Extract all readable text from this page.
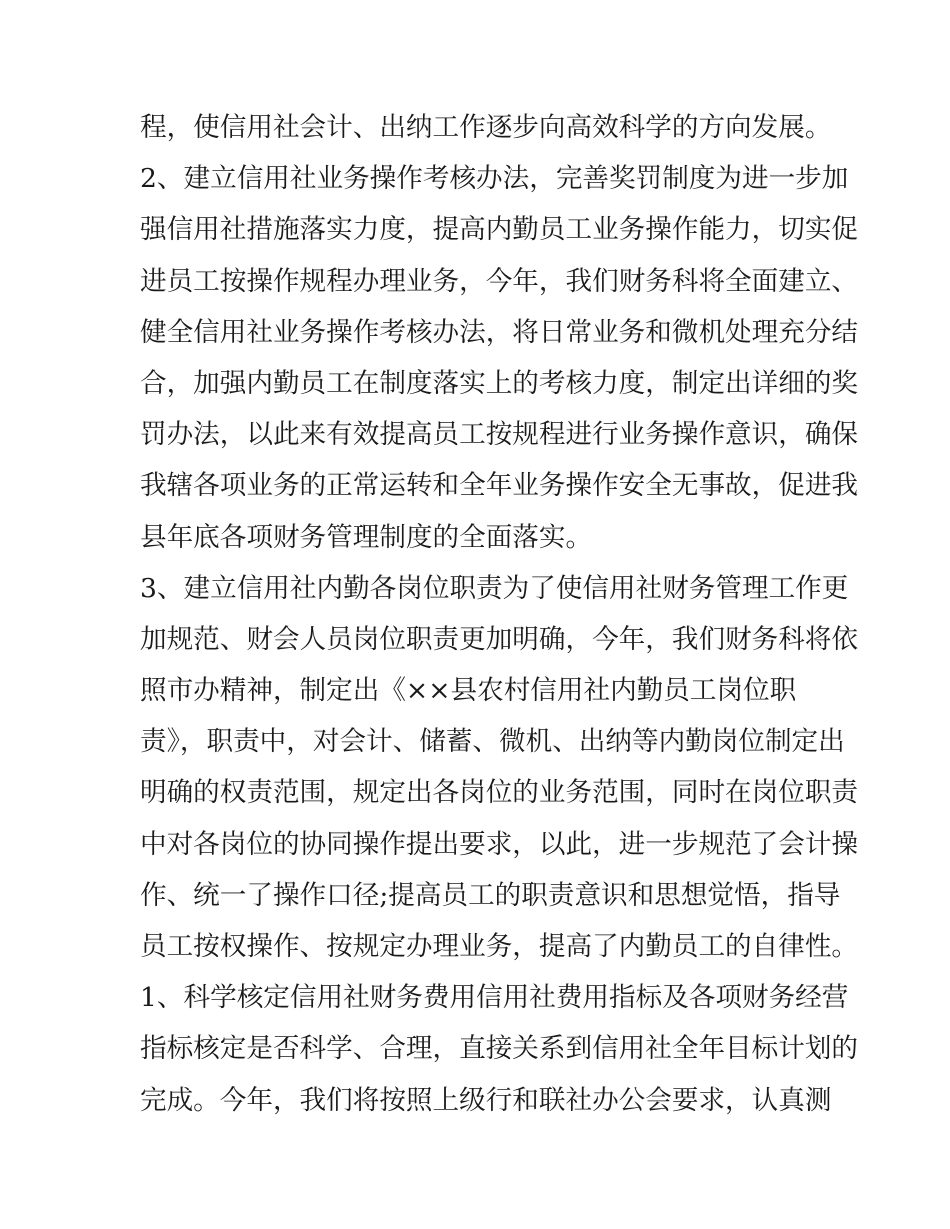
程，使信用社会计、出纳工作逐步向高效科学的方向发展。
2、建立信用社业务操作考核办法，完善奖罚制度为进一步加
强信用社措施落实力度，提高内勤员工业务操作能力，切实促
进员工按操作规程办理业务，今年，我们财务科将全面建立、
健全信用社业务操作考核办法，将日常业务和微机处理充分结
合，加强内勤员工在制度落实上的考核力度，制定出详细的奖
罚办法，以此来有效提高员工按规程进行业务操作意识，确保
我辖各项业务的正常运转和全年业务操作安全无事故，促进我
县年底各项财务管理制度的全面落实。
3、建立信用社内勤各岗位职责为了使信用社财务管理工作更
加规范、财会人员岗位职责更加明确，今年，我们财务科将依
照市办精神，制定出《××县农村信用社内勤员工岗位职
责》，职责中，对会计、储蓄、微机、出纳等内勤岗位制定出
明确的权责范围，规定出各岗位的业务范围，同时在岗位职责
中对各岗位的协同操作提出要求，以此，进一步规范了会计操
作、统一了操作口径;提高员工的职责意识和思想觉悟，指导
员工按权操作、按规定办理业务，提高了内勤员工的自律性。
1、科学核定信用社财务费用信用社费用指标及各项财务经营
指标核定是否科学、合理，直接关系到信用社全年目标计划的
完成。今年，我们将按照上级行和联社办公会要求，认真测
